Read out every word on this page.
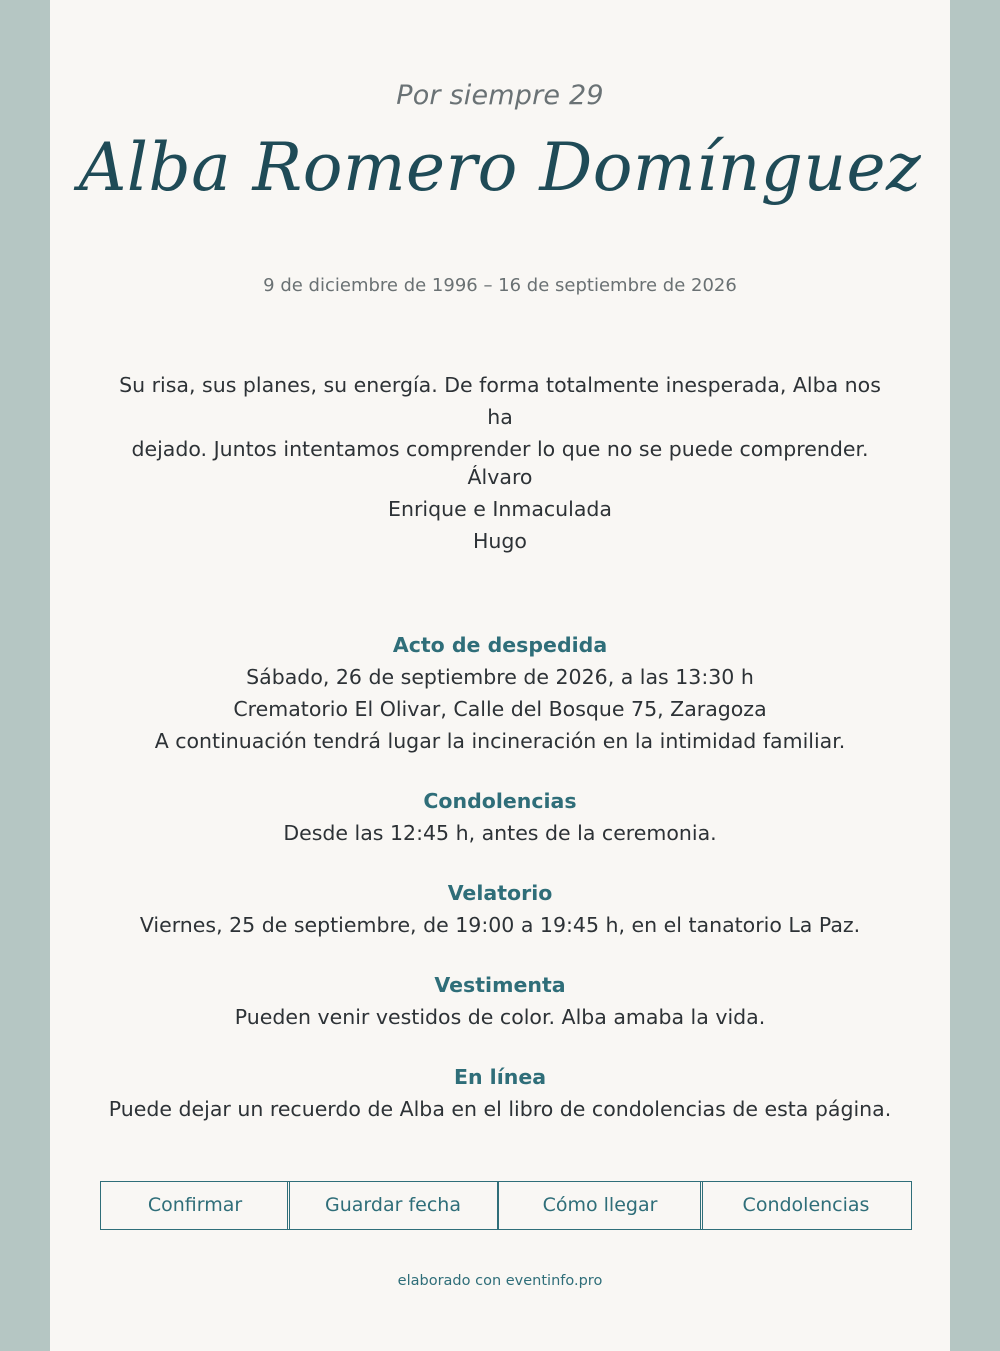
Por siempre 29
Alba Romero Domínguez
9 de diciembre de 1996 – 16 de septiembre de 2026
Su risa, sus planes, su energía. De forma totalmente inesperada, Alba nos ha
dejado. Juntos intentamos comprender lo que no se puede comprender.
Álvaro
Enrique e Inmaculada
Hugo
Acto de despedida
Sábado, 26 de septiembre de 2026, a las 13:30 h
Crematorio El Olivar, Calle del Bosque 75, Zaragoza
A continuación tendrá lugar la incineración en la intimidad familiar.
Condolencias
Desde las 12:45 h, antes de la ceremonia.
Velatorio
Viernes, 25 de septiembre, de 19:00 a 19:45 h, en el tanatorio La Paz.
Vestimenta
Pueden venir vestidos de color. Alba amaba la vida.
En línea
Puede dejar un recuerdo de Alba en el libro de condolencias de esta página.
Confirmar	Guardar fecha	Cómo llegar	Condolencias
elaborado con eventinfo.pro
